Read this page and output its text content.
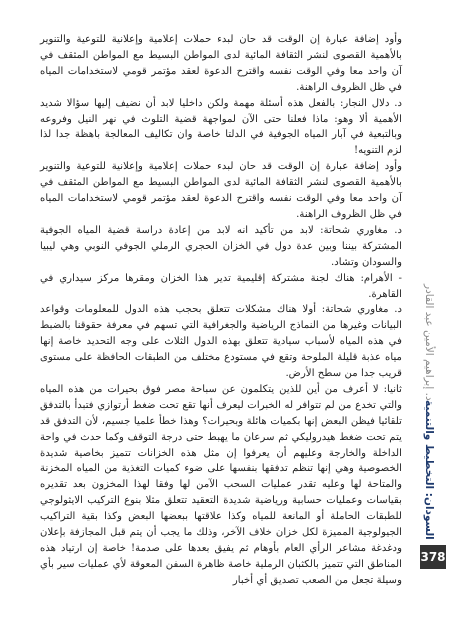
وأود إضافة عبارة إن الوقت قد حان لبدء حملات إعلامية وإعلانية للتوعية والتنوير بالأهمية القصوى لنشر الثقافة المائية لدى المواطن البسيط مع المواطن المثقف في آن واحد معا وفي الوقت نفسه واقترح الدعوة لعقد مؤتمر قومي لاستخدامات المياه في ظل الظروف الراهنة.

د. دلال النجار: بالفعل هذه أسئلة مهمة ولكن داخليا لابد أن نضيف إليها سؤالا شديد الأهمية ألا وهو: ماذا فعلنا حتى الآن لمواجهة قضية التلوث في نهر النيل وفروعه وبالتبعية في آبار المياه الجوفية في الدلتا خاصة وان تكاليف المعالجة باهظة جدا لذا لزم التنويه!

وأود إضافة عبارة إن الوقت قد حان لبدء حملات إعلامية وإعلانية للتوعية والتنوير بالأهمية القصوى لنشر الثقافة المائية لدى المواطن البسيط مع المواطن المثقف في آن واحد معا وفي الوقت نفسه واقترح الدعوة لعقد مؤتمر قومي لاستخدامات المياه في ظل الظروف الراهنة.

د. مغاوري شحاتة: لابد من تأكيد انه لابد من إعادة دراسة قضية المياه الجوفية المشتركة بيننا وبين عدة دول في الخزان الحجري الرملي الجوفي النوبي وهي ليبيا والسودان وتشاد.

- الأهرام: هناك لجنة مشتركة إقليمية تدير هذا الخزان ومقرها مركز سيداري في القاهرة.

د. مغاوري شحاتة: أولا هناك مشكلات تتعلق بحجب هذه الدول للمعلومات وقواعد البيانات وغيرها من النماذج الرياضية والجغرافية التي تسهم في معرفة حقوقنا بالضبط في هذه المياه لأسباب سيادية تتعلق بهذه الدول الثلاث على وجه التحديد خاصة إنها مياه عذبة قليلة الملوحة وتقع في مستودع مختلف من الطبقات الحافظة على مستوى قريب جدا من سطح الأرض.

ثانيا: لا أعرف من أين للذين يتكلمون عن سباحة مصر فوق بحيرات من هذه المياه والتي تخدع من لم تتوافر له الخبرات ليعرف أنها تقع تحت ضغط أرتوازي فتبدأ بالتدفق تلقائيا فيظن البعض إنها بكميات هائلة وبحيرات؟ وهذا خطأ علميا جسيم، لأن التدفق قد يتم تحت ضغط هيدروليكي ثم سرعان ما يهبط حتى درجة التوقف وكما حدث في واحة الداخلة والخارجة وعليهم أن يعرفوا إن مثل هذه الخزانات تتميز بخاصية شديدة الخصوصية وهي إنها تنظم تدفقها بنفسها على ضوء كميات التغذية من المياه المخزنة والمتاحة لها وعليه تقدر عمليات السحب الآمن لها وفقا لهذا المخزون بعد تقديره بقياسات وعمليات حسابية ورياضية شديدة التعقيد تتعلق مثلا بنوع التركيب الايثولوجي للطبقات الحاملة أو المانعة للمياه وكذا علاقتها ببعضها البعض وكذا بقية التراكيب الجيولوجية المميزة لكل خزان خلاف الآخر، وذلك ما يجب أن يتم قبل المجازفة بإعلان ودغدغة مشاعر الرأي العام بأوهام ثم يفيق بعدها على صدمة! خاصة إن ارتياد هذه المناطق التي تتميز بالكثبان الرملية خاصة ظاهرة السفن المعوقة لأي عمليات سير بأي وسيلة تجعل من الصعب تصديق أي أخبار

السودان: التخطيط والتنمية
د. إبراهيم الأمين عبد القادر
378
